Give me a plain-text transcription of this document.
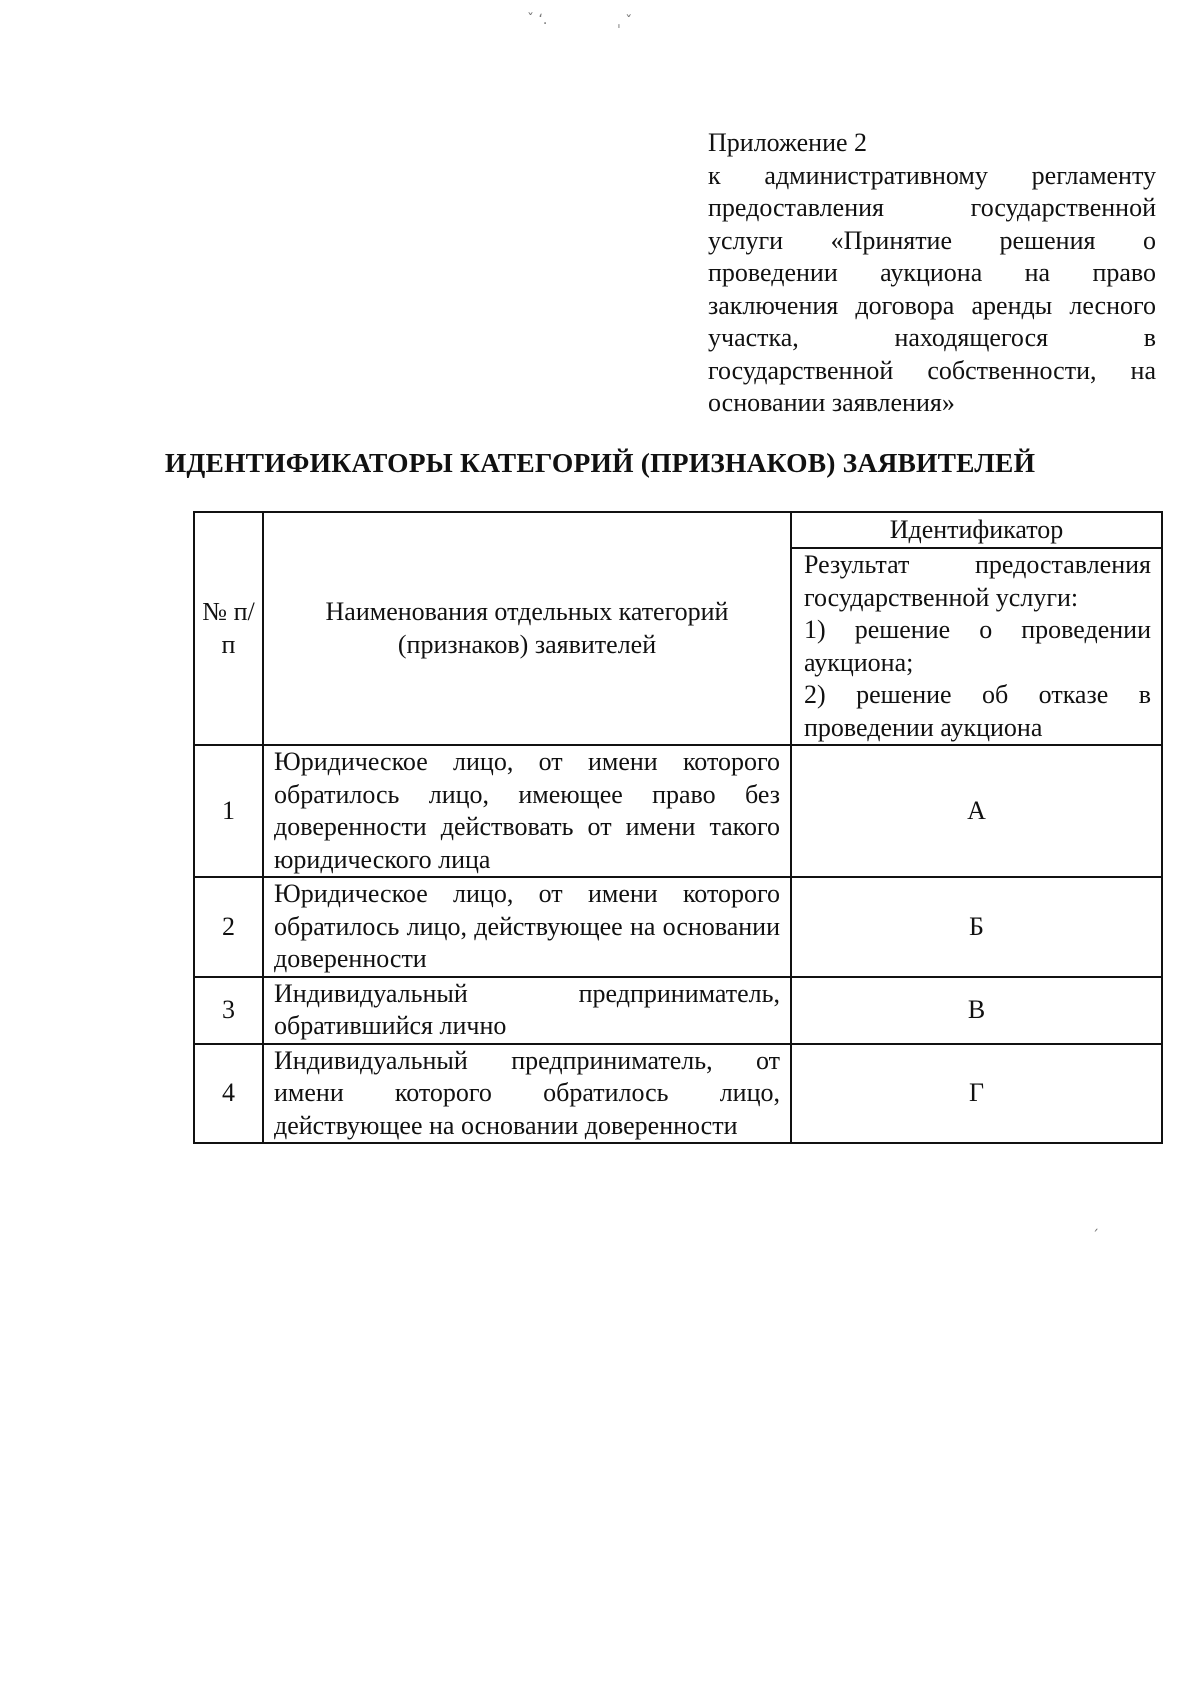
ˇ ʻ.	ˌ ˇ
ˏ
Приложение 2
к административному регламенту предоставления государственной услуги «Принятие решения о проведении аукциона на право заключения договора аренды лесного участка, находящегося в государственной собственности, на основании заявления»
ИДЕНТИФИКАТОРЫ КАТЕГОРИЙ (ПРИЗНАКОВ) ЗАЯВИТЕЛЕЙ
№ п/п	Наименования отдельных категорий (признаков) заявителей	Идентификатор

		Результат предоставления государственной услуги:
1) решение о проведении аукциона;
2) решение об отказе в проведении аукциона

1	Юридическое лицо, от имени которого обратилось лицо, имеющее право без доверенности действовать от имени такого юридического лица	А
2	Юридическое лицо, от имени которого обратилось лицо, действующее на основании доверенности	Б
3	Индивидуальный предприниматель, обратившийся лично	В
4	Индивидуальный предприниматель, от имени которого обратилось лицо, действующее на основании доверенности	Г
